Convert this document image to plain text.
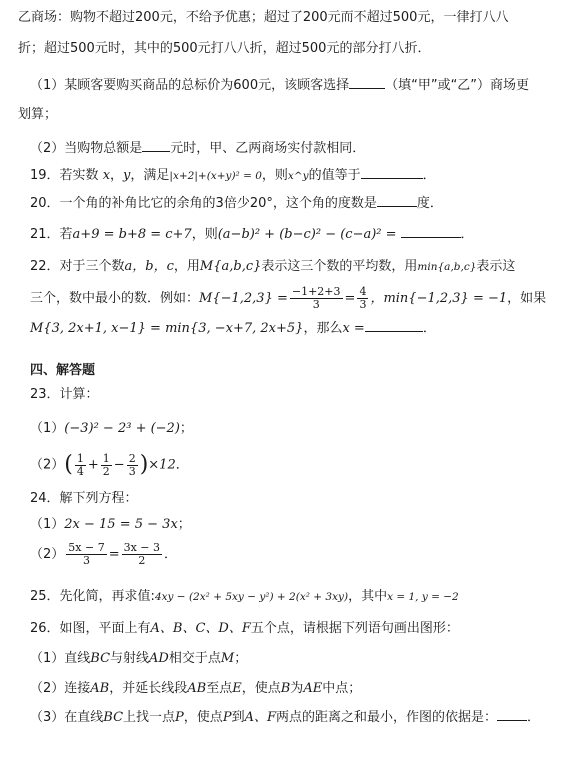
乙商场：购物不超过200元，不给予优惠；超过了200元而不超过500元，一律打八八
折；超过500元时，其中的500元打八八折，超过500元的部分打八折．
（1）某顾客要购买商品的总标价为600元，该顾客选择	（填“甲”或“乙”）商场更
划算；
（2）当购物总额是 元时，甲、乙两商场实付款相同．
19．若实数 x，y，满足|x+2|+(x+y)² = 0，则x^y的值等于	．
20．一个角的补角比它的余角的3倍少20°，这个角的度数是	度．
21．若a+9 = b+8 = c+7，则(a−b)² + (b−c)² − (c−a)² =	．
22．对于三个数a，b，c，用M{a,b,c}表示这三个数的平均数，用min{a,b,c}表示这
三个，数中最小的数．例如：$M\{-1,2,3\} = \frac{-1+2+3}{3} = \frac{4}{3}$ ，min{−1,2,3} = −1，如果
M{3, 2x+1, x−1} = min{3, −x+7, 2x+5}，那么x =	．
四、解答题
23．计算：
（1）(−3)² − 2³ + (−2)；
$(2)( \frac{1}{4} + \frac{1}{2} - \frac{2}{3} )\times 12$．
24．解下列方程：
（1）2x − 15 = 5 − 3x；
$(2) \frac{5x - 7}{3} = \frac{3x - 3}{2}$ ．
25．先化简，再求值:4xy − (2x² + 5xy − y²) + 2(x² + 3xy)，其中x = 1, y = −2
26．如图，平面上有A、B、C、D、F五个点，请根据下列语句画出图形：
（1）直线BC与射线AD相交于点M；
（2）连接AB，并延长线段AB至点E，使点B为AE中点；
（3）在直线BC上找一点P，使点P到A、F两点的距离之和最小，作图的依据是： ．
